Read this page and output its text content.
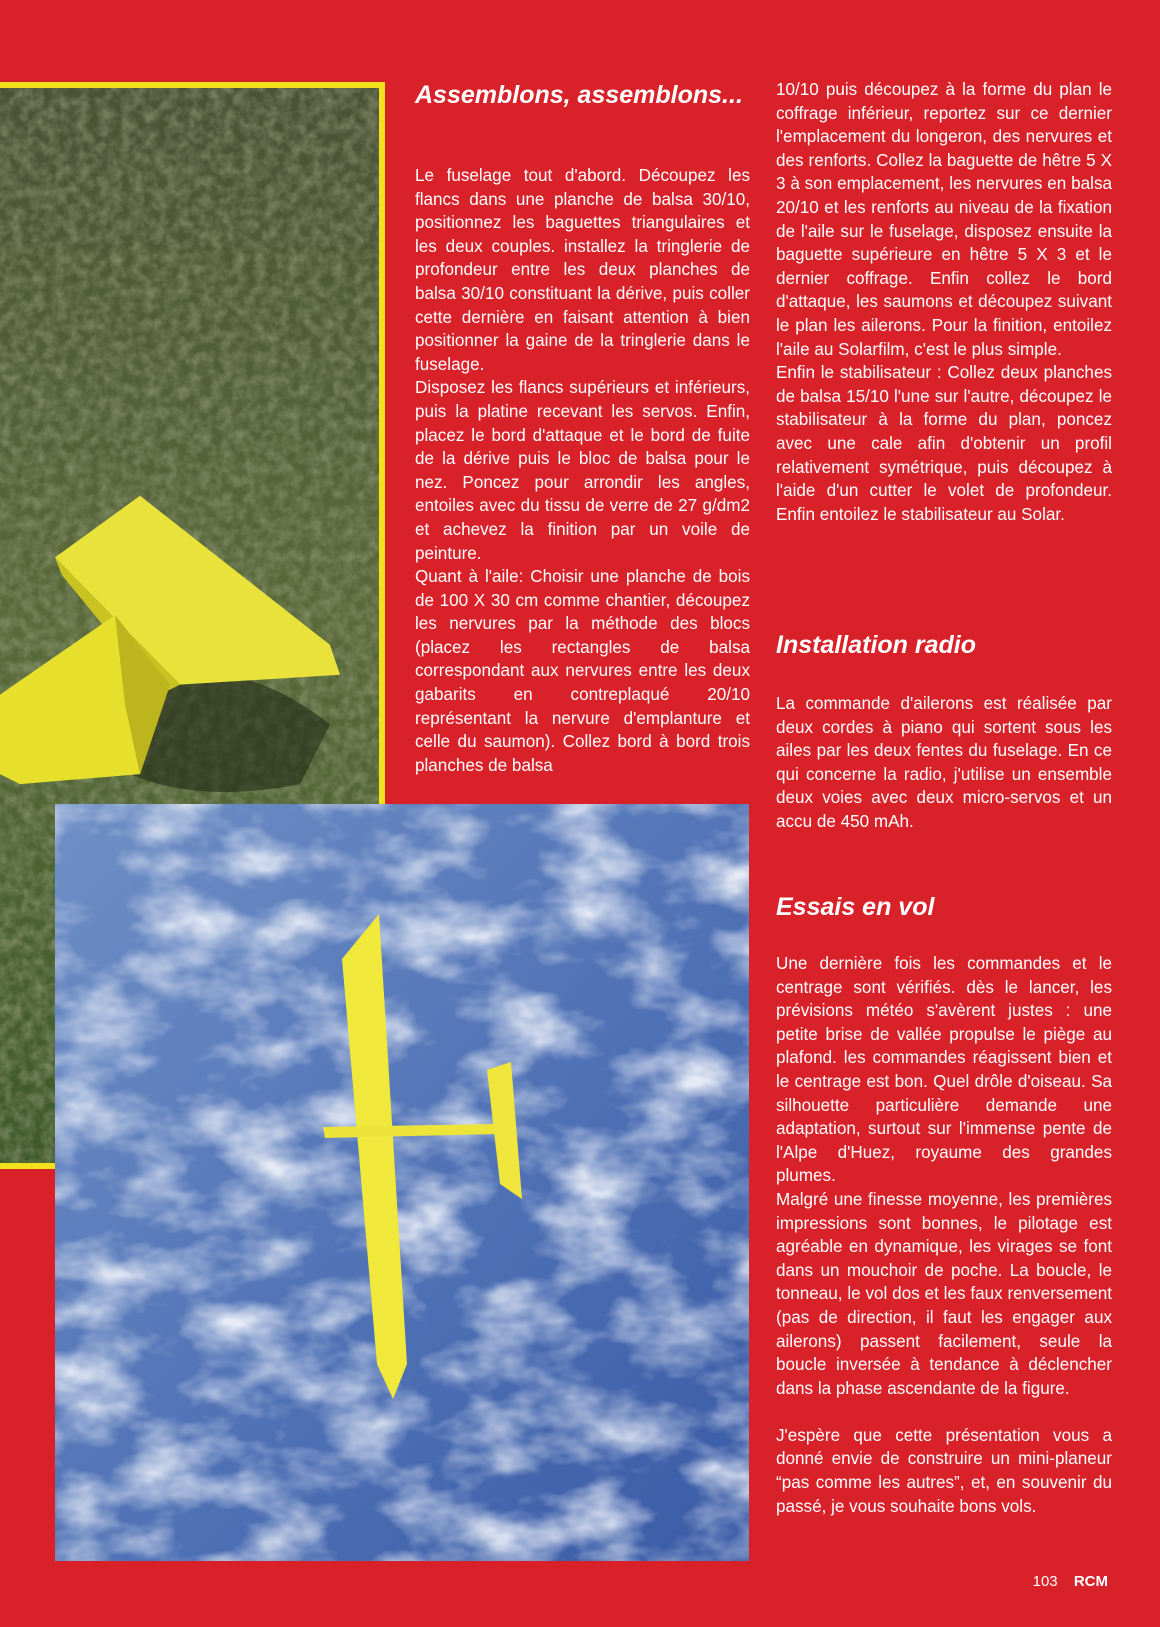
Assemblons, assemblons...

Le fuselage tout d'abord. Découpez les flancs dans une planche de balsa 30/10, positionnez les baguettes triangulaires et les deux couples. installez la tringlerie de profondeur entre les deux planches de balsa 30/10 constituant la dérive, puis coller cette dernière en faisant attention à bien positionner la gaine de la tringlerie dans le fuselage.

Disposez les flancs supérieurs et inférieurs, puis la platine recevant les servos. Enfin, placez le bord d'attaque et le bord de fuite de la dérive puis le bloc de balsa pour le nez. Poncez pour arrondir les angles, entoiles avec du tissu de verre de 27 g/dm2 et achevez la finition par un voile de peinture.

Quant à l'aile: Choisir une planche de bois de 100 X 30 cm comme chantier, découpez les nervures par la méthode des blocs (placez les rectangles de balsa correspondant aux nervures entre les deux gabarits en contreplaqué 20/10 représentant la nervure d'emplanture et celle du saumon). Collez bord à bord trois planches de balsa

10/10 puis découpez à la forme du plan le coffrage inférieur, reportez sur ce dernier l'emplacement du longeron, des nervures et des renforts. Collez la baguette de hêtre 5 X 3 à son emplacement, les nervures en balsa 20/10 et les renforts au niveau de la fixation de l'aile sur le fuselage, disposez ensuite la baguette supérieure en hêtre 5 X 3 et le dernier coffrage. Enfin collez le bord d'attaque, les saumons et découpez suivant le plan les ailerons. Pour la finition, entoilez l'aile au Solarfilm, c'est le plus simple.

Enfin le stabilisateur : Collez deux planches de balsa 15/10 l'une sur l'autre, découpez le stabilisateur à la forme du plan, poncez avec une cale afin d'obtenir un profil relativement symétrique, puis découpez à l'aide d'un cutter le volet de profondeur. Enfin entoilez le stabilisateur au Solar.

Installation radio

La commande d'ailerons est réalisée par deux cordes à piano qui sortent sous les ailes par les deux fentes du fuselage. En ce qui concerne la radio, j'utilise un ensemble deux voies avec deux micro-servos et un accu de 450 mAh.

Essais en vol

Une dernière fois les commandes et le centrage sont vérifiés. dès le lancer, les prévisions météo s'avèrent justes : une petite brise de vallée propulse le piège au plafond. les commandes réagissent bien et le centrage est bon. Quel drôle d'oiseau. Sa silhouette particulière demande une adaptation, surtout sur l'immense pente de l'Alpe d'Huez, royaume des grandes plumes.

Malgré une finesse moyenne, les premières impressions sont bonnes, le pilotage est agréable en dynamique, les virages se font dans un mouchoir de poche. La boucle, le tonneau, le vol dos et les faux renversement (pas de direction, il faut les engager aux ailerons) passent facilement, seule la boucle inversée à tendance à déclencher dans la phase ascendante de la figure.

J'espère que cette présentation vous a donné envie de construire un mini-planeur “pas comme les autres”, et, en souvenir du passé, je vous souhaite bons vols.

103 RCM
